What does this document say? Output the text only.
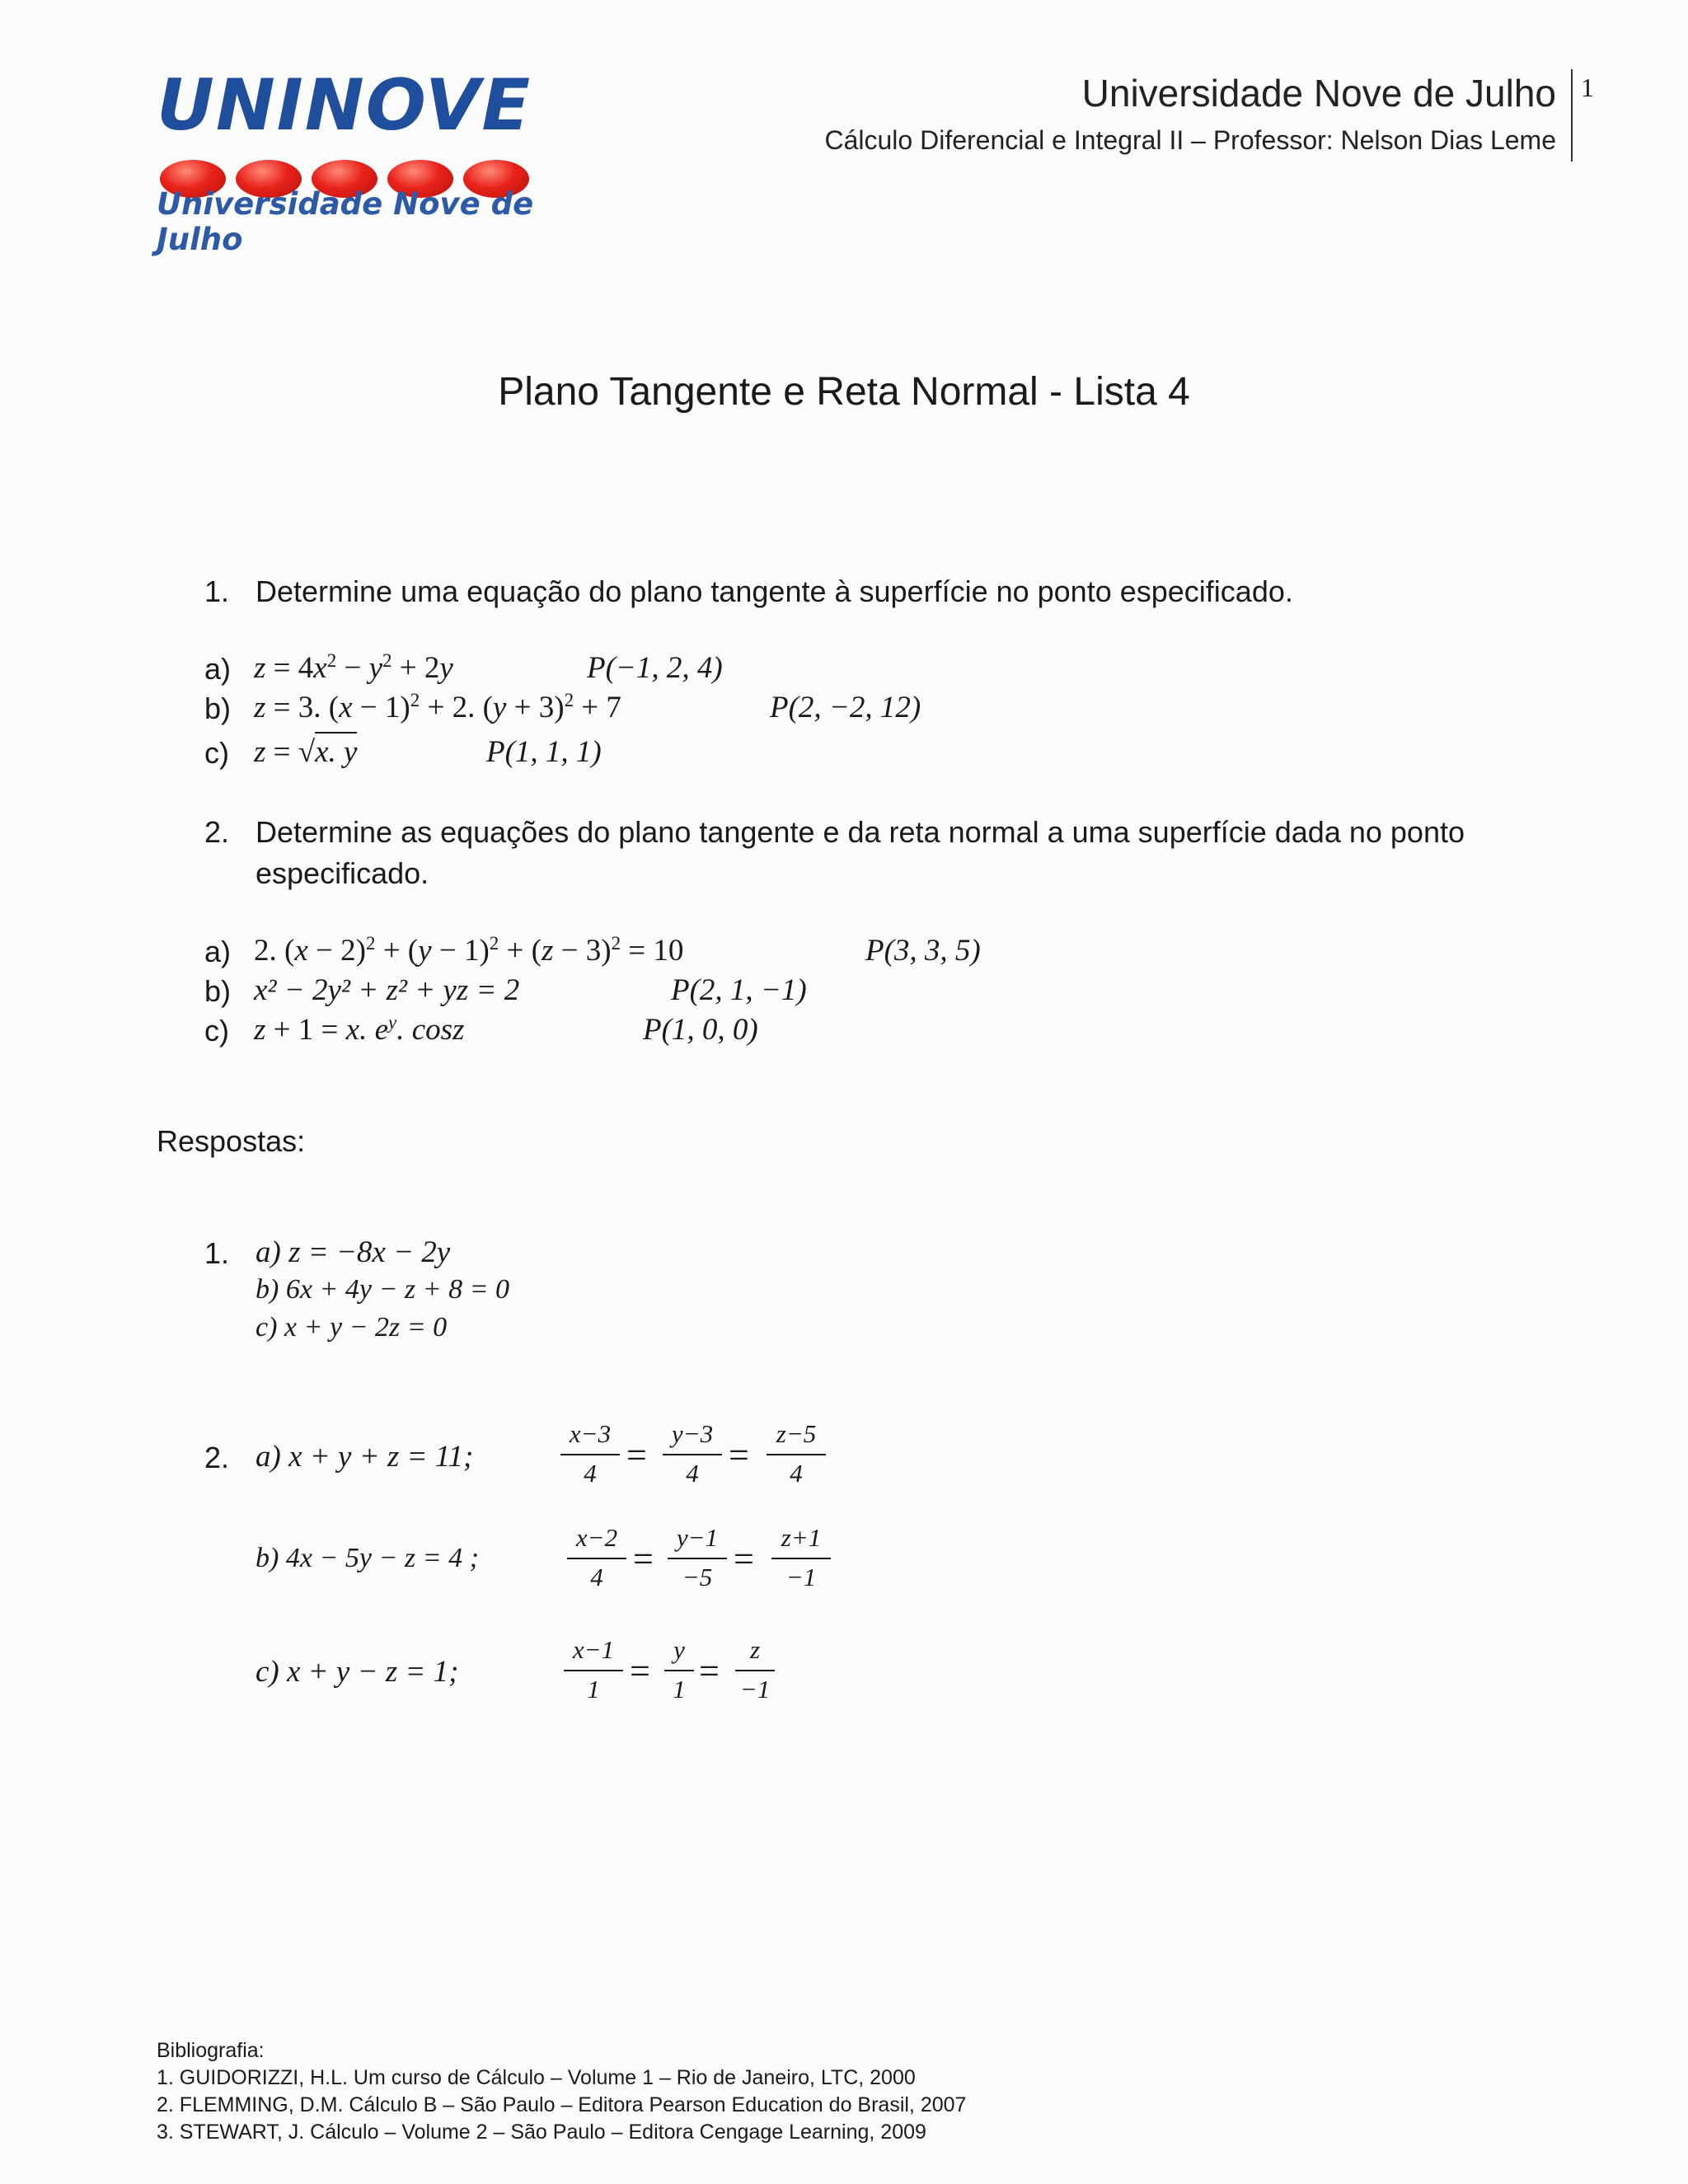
UNINOVE
Universidade Nove de Julho
Universidade Nove de Julho
Cálculo Diferencial e Integral II – Professor: Nelson Dias Leme
1
Plano Tangente e Reta Normal - Lista 4
1. Determine uma equação do plano tangente à superfície no ponto especificado.
a) $z = 4x^2 - y^2 + 2y$	P(−1, 2, 4)
b) z = 3. $(x - 1)^2 + 2$. $(y + 3)^2 + 7$	P(2, −2, 12)
c) z = √x. y	P(1, 1, 1)
2. Determine as equações do plano tangente e da reta normal a uma superfície dada no ponto
especificado.
a) 2. $(x - 2)^2 + (y - 1)^2 + (z - 3)^2 = 10$	P(3, 3, 5)
b) x² − 2y² + z² + yz = 2	P(2, 1, −1)
c) z + 1 = x. $e^y$. cosz	P(1, 0, 0)
Respostas:
1. a) z = −8x − 2y
b) 6x + 4y − z + 8 = 0
c) x + y − 2z = 0
2. a) x + y + z = 11;
x−3
4 =
y−3
4 =
z−5
4
b) 4x − 5y − z = 4 ;
x−2
4 =
y−1
−5 =
z+1
−1
c) x + y − z = 1;
x−1
1 =
y
1 =
z
−1
Bibliografia:
1. GUIDORIZZI, H.L. Um curso de Cálculo – Volume 1 – Rio de Janeiro, LTC, 2000
2. FLEMMING, D.M. Cálculo B – São Paulo – Editora Pearson Education do Brasil, 2007
3. STEWART, J. Cálculo – Volume 2 – São Paulo – Editora Cengage Learning, 2009
